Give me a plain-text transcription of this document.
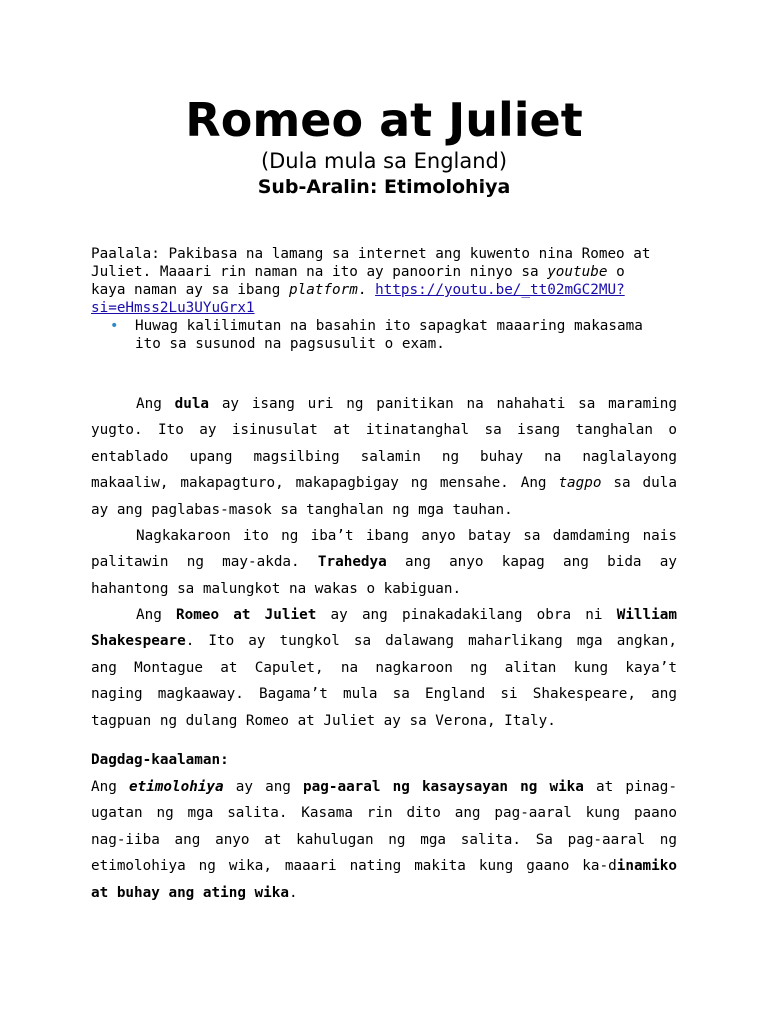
Romeo at Juliet
(Dula mula sa England)
Sub-Aralin: Etimolohiya
Paalala: Pakibasa na lamang sa internet ang kuwento nina Romeo at
Juliet. Maaari rin naman na ito ay panoorin ninyo sa youtube o
kaya naman ay sa ibang platform. https://youtu.be/_tt02mGC2MU?
si=eHmss2Lu3UYuGrx1
• Huwag kalilimutan na basahin ito sapagkat maaaring makasama
ito sa susunod na pagsusulit o exam.
Ang dula ay isang uri ng panitikan na nahahati sa maraming
yugto. Ito ay isinusulat at itinatanghal sa isang tanghalan o
entablado upang magsilbing salamin ng buhay na naglalayong
makaaliw, makapagturo, makapagbigay ng mensahe. Ang tagpo sa dula
ay ang paglabas-masok sa tanghalan ng mga tauhan.
Nagkakaroon ito ng iba’t ibang anyo batay sa damdaming nais
palitawin ng may-akda. Trahedya ang anyo kapag ang bida ay
hahantong sa malungkot na wakas o kabiguan.
Ang Romeo at Juliet ay ang pinakadakilang obra ni William
Shakespeare. Ito ay tungkol sa dalawang maharlikang mga angkan,
ang Montague at Capulet, na nagkaroon ng alitan kung kaya’t
naging magkaaway. Bagama’t mula sa England si Shakespeare, ang
tagpuan ng dulang Romeo at Juliet ay sa Verona, Italy.
Dagdag-kaalaman:
Ang etimolohiya ay ang pag-aaral ng kasaysayan ng wika at pinag-
ugatan ng mga salita. Kasama rin dito ang pag-aaral kung paano
nag-iiba ang anyo at kahulugan ng mga salita. Sa pag-aaral ng
etimolohiya ng wika, maaari nating makita kung gaano ka-dinamiko
at buhay ang ating wika.
